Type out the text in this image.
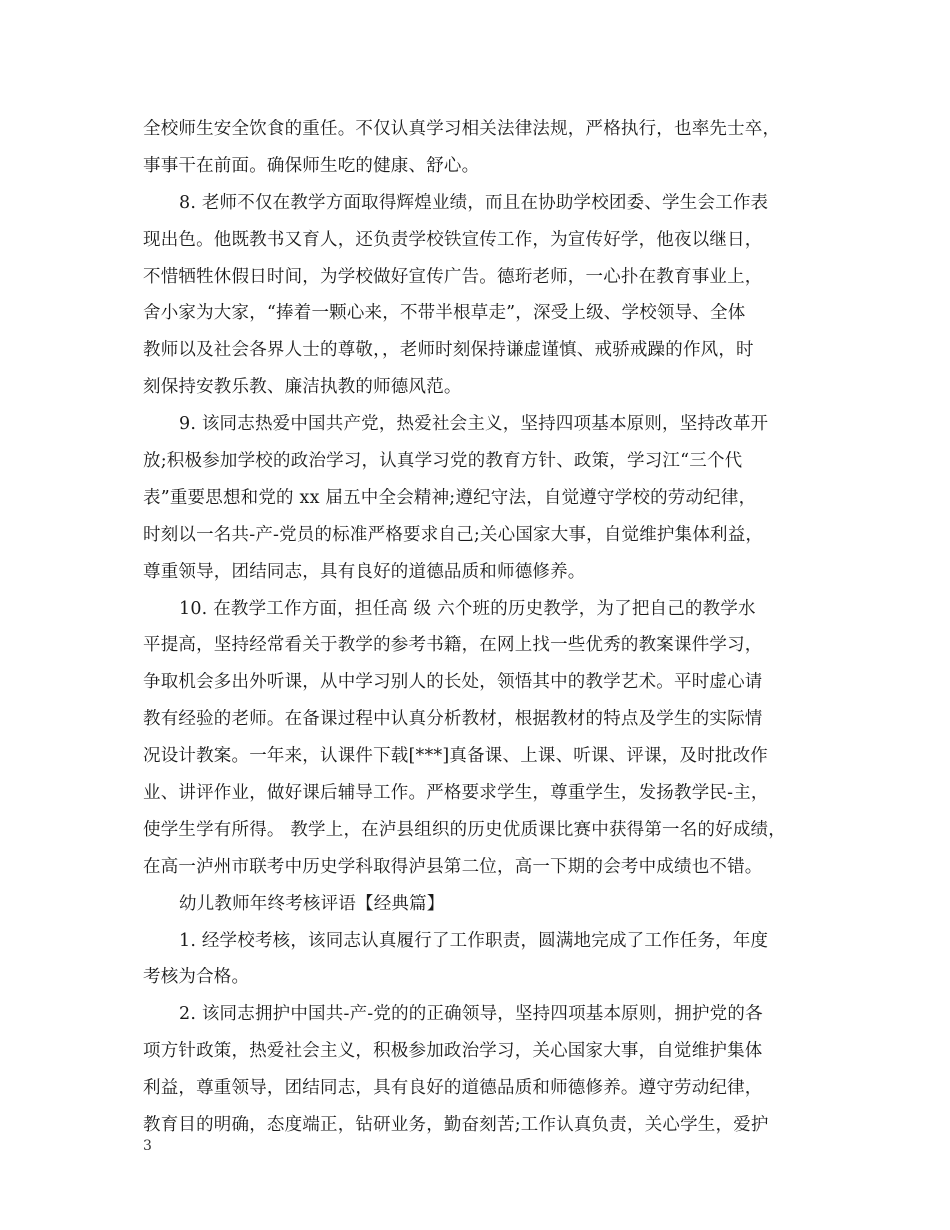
全校师生安全饮食的重任。不仅认真学习相关法律法规，严格执行，也率先士卒，
事事干在前面。确保师生吃的健康、舒心。
8. 老师不仅在教学方面取得辉煌业绩，而且在协助学校团委、学生会工作表
现出色。他既教书又育人，还负责学校铁宣传工作，为宣传好学，他夜以继日，
不惜牺牲休假日时间，为学校做好宣传广告。德珩老师，一心扑在教育事业上，
舍小家为大家，“捧着一颗心来，不带半根草走”，深受上级、学校领导、全体
教师以及社会各界人士的尊敬，，老师时刻保持谦虚谨慎、戒骄戒躁的作风，时
刻保持安教乐教、廉洁执教的师德风范。
9. 该同志热爱中国共产党，热爱社会主义，坚持四项基本原则，坚持改革开
放;积极参加学校的政治学习，认真学习党的教育方针、政策，学习江“三个代
表”重要思想和党的 xx 届五中全会精神;遵纪守法，自觉遵守学校的劳动纪律，
时刻以一名共-产-党员的标准严格要求自己;关心国家大事，自觉维护集体利益，
尊重领导，团结同志，具有良好的道德品质和师德修养。
10. 在教学工作方面，担任高 级 六个班的历史教学，为了把自己的教学水
平提高，坚持经常看关于教学的参考书籍，在网上找一些优秀的教案课件学习，
争取机会多出外听课，从中学习别人的长处，领悟其中的教学艺术。平时虚心请
教有经验的老师。在备课过程中认真分析教材，根据教材的特点及学生的实际情
况设计教案。一年来，认课件下载[***]真备课、上课、听课、评课，及时批改作
业、讲评作业，做好课后辅导工作。严格要求学生，尊重学生，发扬教学民-主，
使学生学有所得。 教学上，在泸县组织的历史优质课比赛中获得第一名的好成绩，
在高一泸州市联考中历史学科取得泸县第二位，高一下期的会考中成绩也不错。
幼儿教师年终考核评语【经典篇】
1. 经学校考核，该同志认真履行了工作职责，圆满地完成了工作任务，年度
考核为合格。
2. 该同志拥护中国共-产-党的的正确领导，坚持四项基本原则，拥护党的各
项方针政策，热爱社会主义，积极参加政治学习，关心国家大事，自觉维护集体
利益，尊重领导，团结同志，具有良好的道德品质和师德修养。遵守劳动纪律，
教育目的明确，态度端正，钻研业务，勤奋刻苦;工作认真负责，关心学生，爱护
3
